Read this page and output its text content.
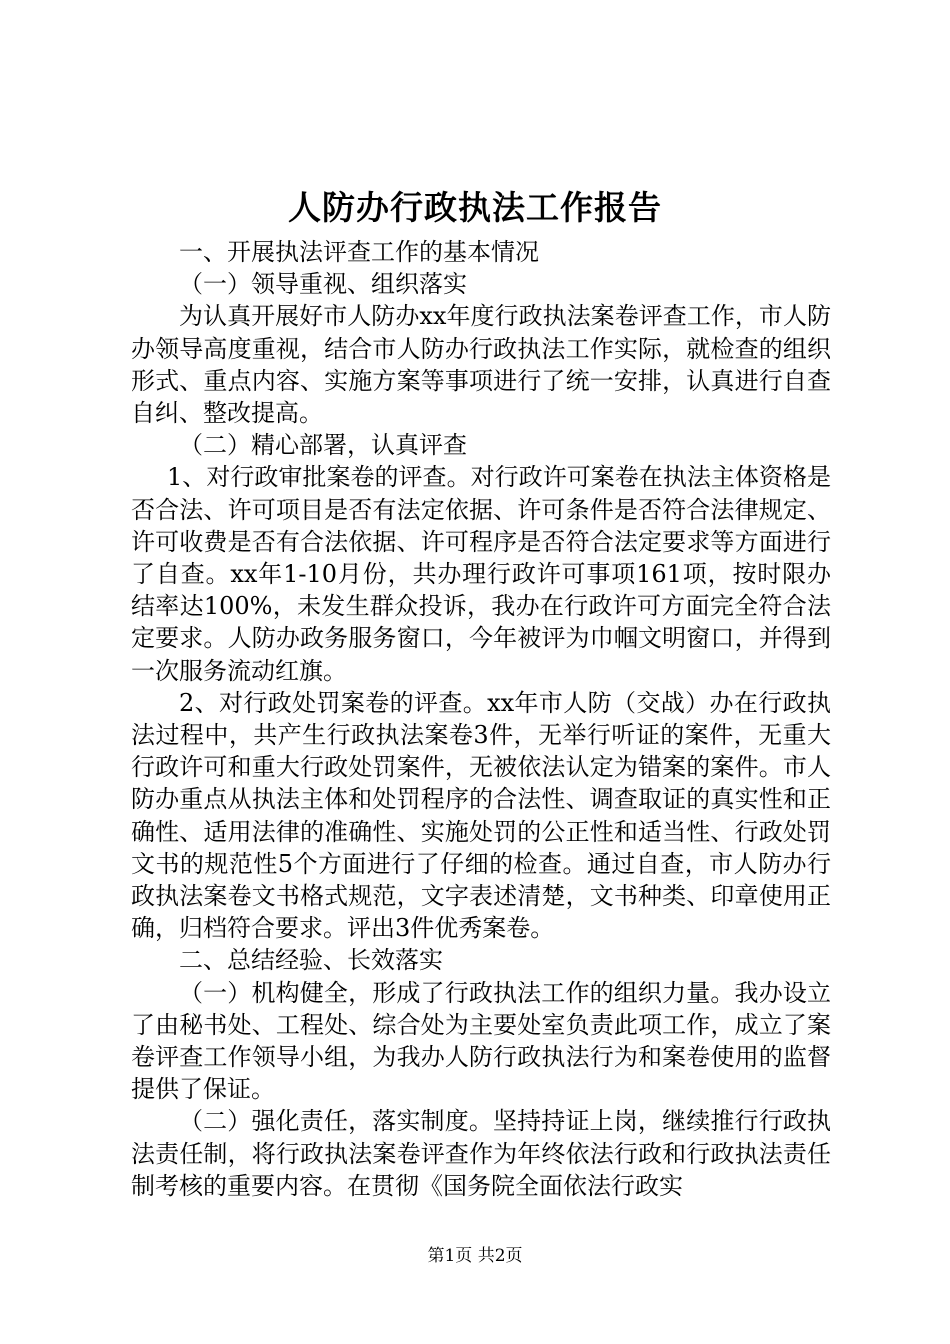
人防办行政执法工作报告

一、开展执法评查工作的基本情况

（一）领导重视、组织落实

为认真开展好市人防办xx年度行政执法案卷评查工作，市人防办领导高度重视，结合市人防办行政执法工作实际，就检查的组织形式、重点内容、实施方案等事项进行了统一安排，认真进行自查自纠、整改提高。

（二）精心部署，认真评查

1、对行政审批案卷的评查。对行政许可案卷在执法主体资格是否合法、许可项目是否有法定依据、许可条件是否符合法律规定、许可收费是否有合法依据、许可程序是否符合法定要求等方面进行了自查。xx年1-10月份，共办理行政许可事项161项，按时限办结率达100%，未发生群众投诉，我办在行政许可方面完全符合法定要求。人防办政务服务窗口，今年被评为巾帼文明窗口，并得到一次服务流动红旗。

2、对行政处罚案卷的评查。xx年市人防（交战）办在行政执法过程中，共产生行政执法案卷3件，无举行听证的案件，无重大行政许可和重大行政处罚案件，无被依法认定为错案的案件。市人防办重点从执法主体和处罚程序的合法性、调查取证的真实性和正确性、适用法律的准确性、实施处罚的公正性和适当性、行政处罚文书的规范性5个方面进行了仔细的检查。通过自查，市人防办行政执法案卷文书格式规范，文字表述清楚，文书种类、印章使用正确，归档符合要求。评出3件优秀案卷。

二、总结经验、长效落实

（一）机构健全，形成了行政执法工作的组织力量。我办设立了由秘书处、工程处、综合处为主要处室负责此项工作，成立了案卷评查工作领导小组，为我办人防行政执法行为和案卷使用的监督提供了保证。

（二）强化责任，落实制度。坚持持证上岗，继续推行行政执法责任制，将行政执法案卷评查作为年终依法行政和行政执法责任制考核的重要内容。在贯彻《国务院全面依法行政实

第1页 共2页
